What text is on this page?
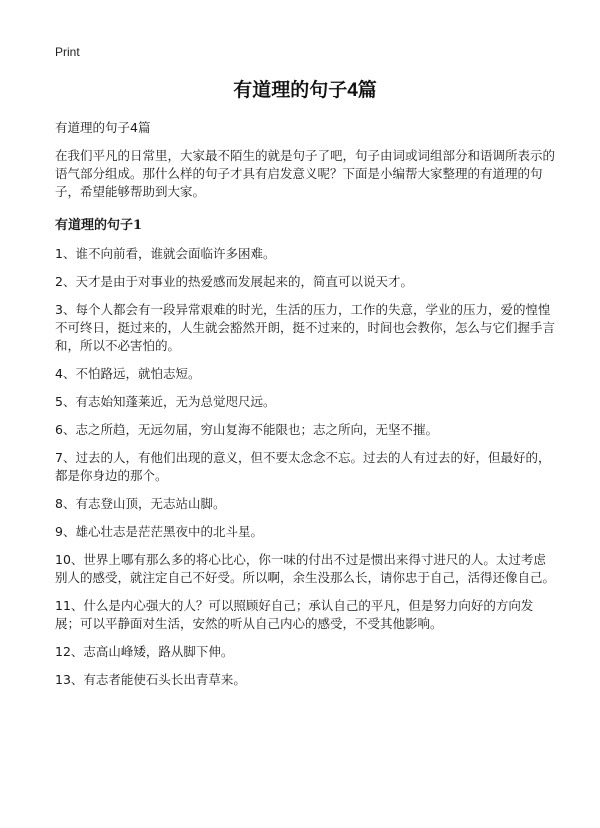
Print
有道理的句子4篇

有道理的句子4篇

在我们平凡的日常里，大家最不陌生的就是句子了吧，句子由词或词组部分和语调所表示的语气部分组成。那什么样的句子才具有启发意义呢？下面是小编帮大家整理的有道理的句子，希望能够帮助到大家。

有道理的句子1

1、谁不向前看，谁就会面临许多困难。

2、天才是由于对事业的热爱感而发展起来的，简直可以说天才。

3、每个人都会有一段异常艰难的时光，生活的压力，工作的失意，学业的压力，爱的惶惶不可终日，挺过来的，人生就会豁然开朗，挺不过来的，时间也会教你，怎么与它们握手言和，所以不必害怕的。

4、不怕路远，就怕志短。

5、有志始知蓬莱近，无为总觉咫尺远。

6、志之所趋，无远勿届，穷山复海不能限也；志之所向，无坚不摧。

7、过去的人，有他们出现的意义，但不要太念念不忘。过去的人有过去的好，但最好的，都是你身边的那个。

8、有志登山顶，无志站山脚。

9、雄心壮志是茫茫黑夜中的北斗星。

10、世界上哪有那么多的将心比心，你一味的付出不过是惯出来得寸进尺的人。太过考虑别人的感受，就注定自己不好受。所以啊，余生没那么长，请你忠于自己，活得还像自己。

11、什么是内心强大的人？可以照顾好自己；承认自己的平凡，但是努力向好的方向发展；可以平静面对生活，安然的听从自己内心的感受，不受其他影响。

12、志高山峰矮，路从脚下伸。

13、有志者能使石头长出青草来。
